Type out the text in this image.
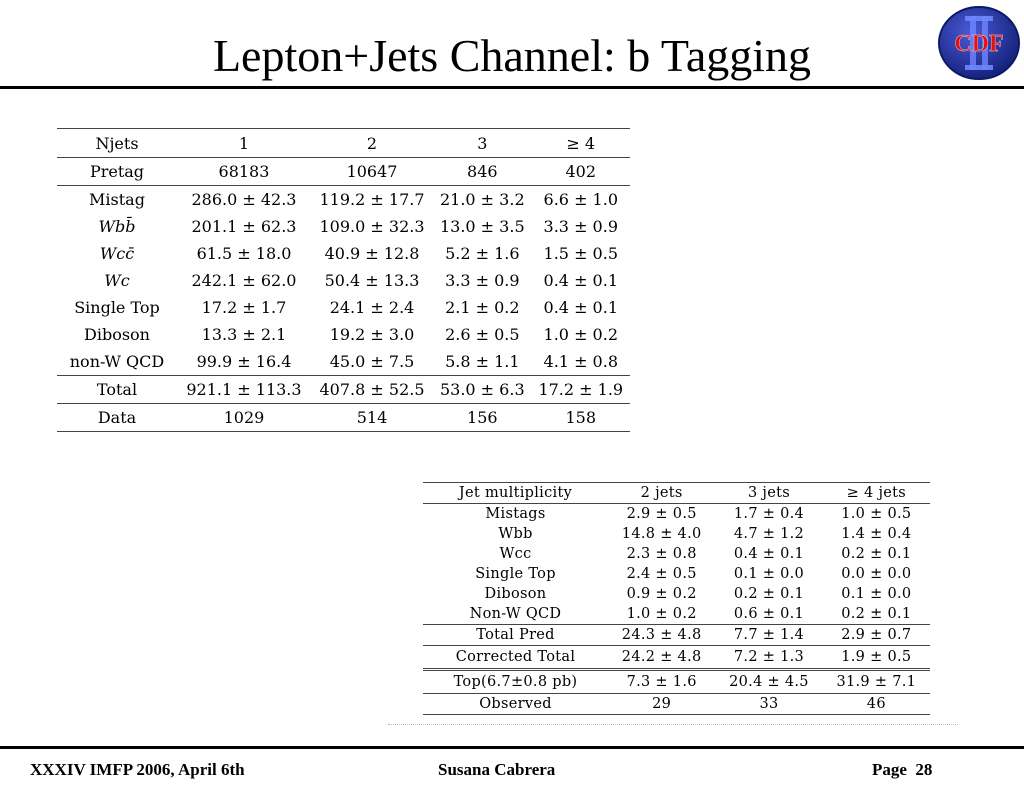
Lepton+Jets Channel: b Tagging	CDF
Njets	1	2	3	≥ 4
Pretag	68183	10647	846	402
Mistag	286.0 ± 42.3	119.2 ± 17.7	21.0 ± 3.2	6.6 ± 1.0
Wbb̄	201.1 ± 62.3	109.0 ± 32.3	13.0 ± 3.5	3.3 ± 0.9
Wcc̄	61.5 ± 18.0	40.9 ± 12.8	5.2 ± 1.6	1.5 ± 0.5
Wc	242.1 ± 62.0	50.4 ± 13.3	3.3 ± 0.9	0.4 ± 0.1
Single Top	17.2 ± 1.7	24.1 ± 2.4	2.1 ± 0.2	0.4 ± 0.1
Diboson	13.3 ± 2.1	19.2 ± 3.0	2.6 ± 0.5	1.0 ± 0.2
non-W QCD	99.9 ± 16.4	45.0 ± 7.5	5.8 ± 1.1	4.1 ± 0.8
Total	921.1 ± 113.3	407.8 ± 52.5	53.0 ± 6.3	17.2 ± 1.9
Data	1029	514	156	158
Jet multiplicity	2 jets	3 jets	≥ 4 jets
Mistags	2.9 ± 0.5	1.7 ± 0.4	1.0 ± 0.5
Wbb	14.8 ± 4.0	4.7 ± 1.2	1.4 ± 0.4
Wcc	2.3 ± 0.8	0.4 ± 0.1	0.2 ± 0.1
Single Top	2.4 ± 0.5	0.1 ± 0.0	0.0 ± 0.0
Diboson	0.9 ± 0.2	0.2 ± 0.1	0.1 ± 0.0
Non-W QCD	1.0 ± 0.2	0.6 ± 0.1	0.2 ± 0.1
Total Pred	24.3 ± 4.8	7.7 ± 1.4	2.9 ± 0.7
Corrected Total	24.2 ± 4.8	7.2 ± 1.3	1.9 ± 0.5
Top(6.7±0.8 pb)	7.3 ± 1.6	20.4 ± 4.5	31.9 ± 7.1
Observed	29	33	46
XXXIV IMFP 2006, April 6th	Susana Cabrera	Page  28
